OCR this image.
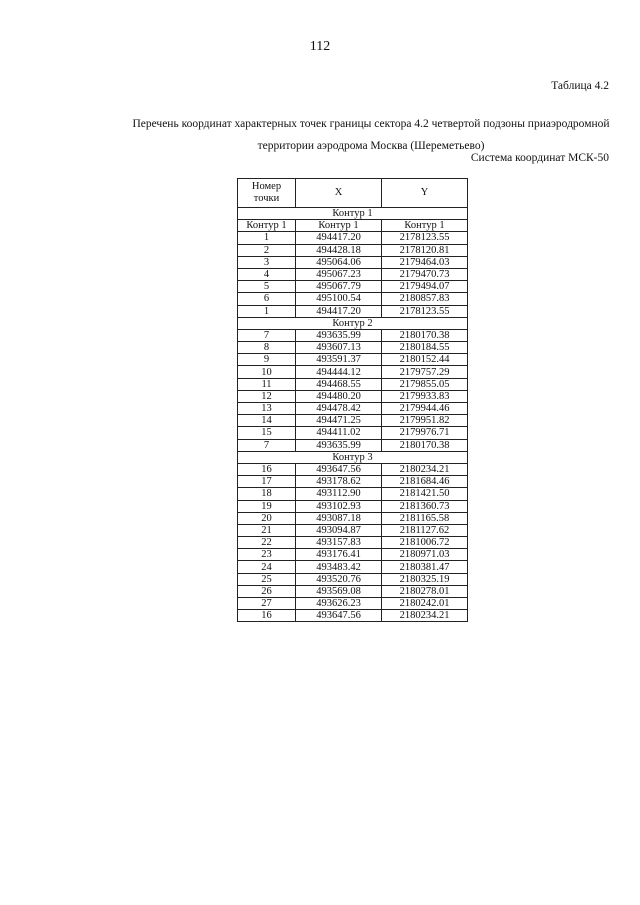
112
Таблица 4.2
Перечень координат характерных точек границы сектора 4.2 четвертой подзоны приаэродромной
территории аэродрома Москва (Шереметьево)
Система координат МСК-50
Номер точки	X	Y
Контур 1		
Контур 1	Контур 1	Контур 1
1	494417.20	2178123.55
2	494428.18	2178120.81
3	495064.06	2179464.03
4	495067.23	2179470.73
5	495067.79	2179494.07
6	495100.54	2180857.83
1	494417.20	2178123.55
Контур 2		
7	493635.99	2180170.38
8	493607.13	2180184.55
9	493591.37	2180152.44
10	494444.12	2179757.29
11	494468.55	2179855.05
12	494480.20	2179933.83
13	494478.42	2179944.46
14	494471.25	2179951.82
15	494411.02	2179976.71
7	493635.99	2180170.38
Контур 3		
16	493647.56	2180234.21
17	493178.62	2181684.46
18	493112.90	2181421.50
19	493102.93	2181360.73
20	493087.18	2181165.58
21	493094.87	2181127.62
22	493157.83	2181006.72
23	493176.41	2180971.03
24	493483.42	2180381.47
25	493520.76	2180325.19
26	493569.08	2180278.01
27	493626.23	2180242.01
16	493647.56	2180234.21
